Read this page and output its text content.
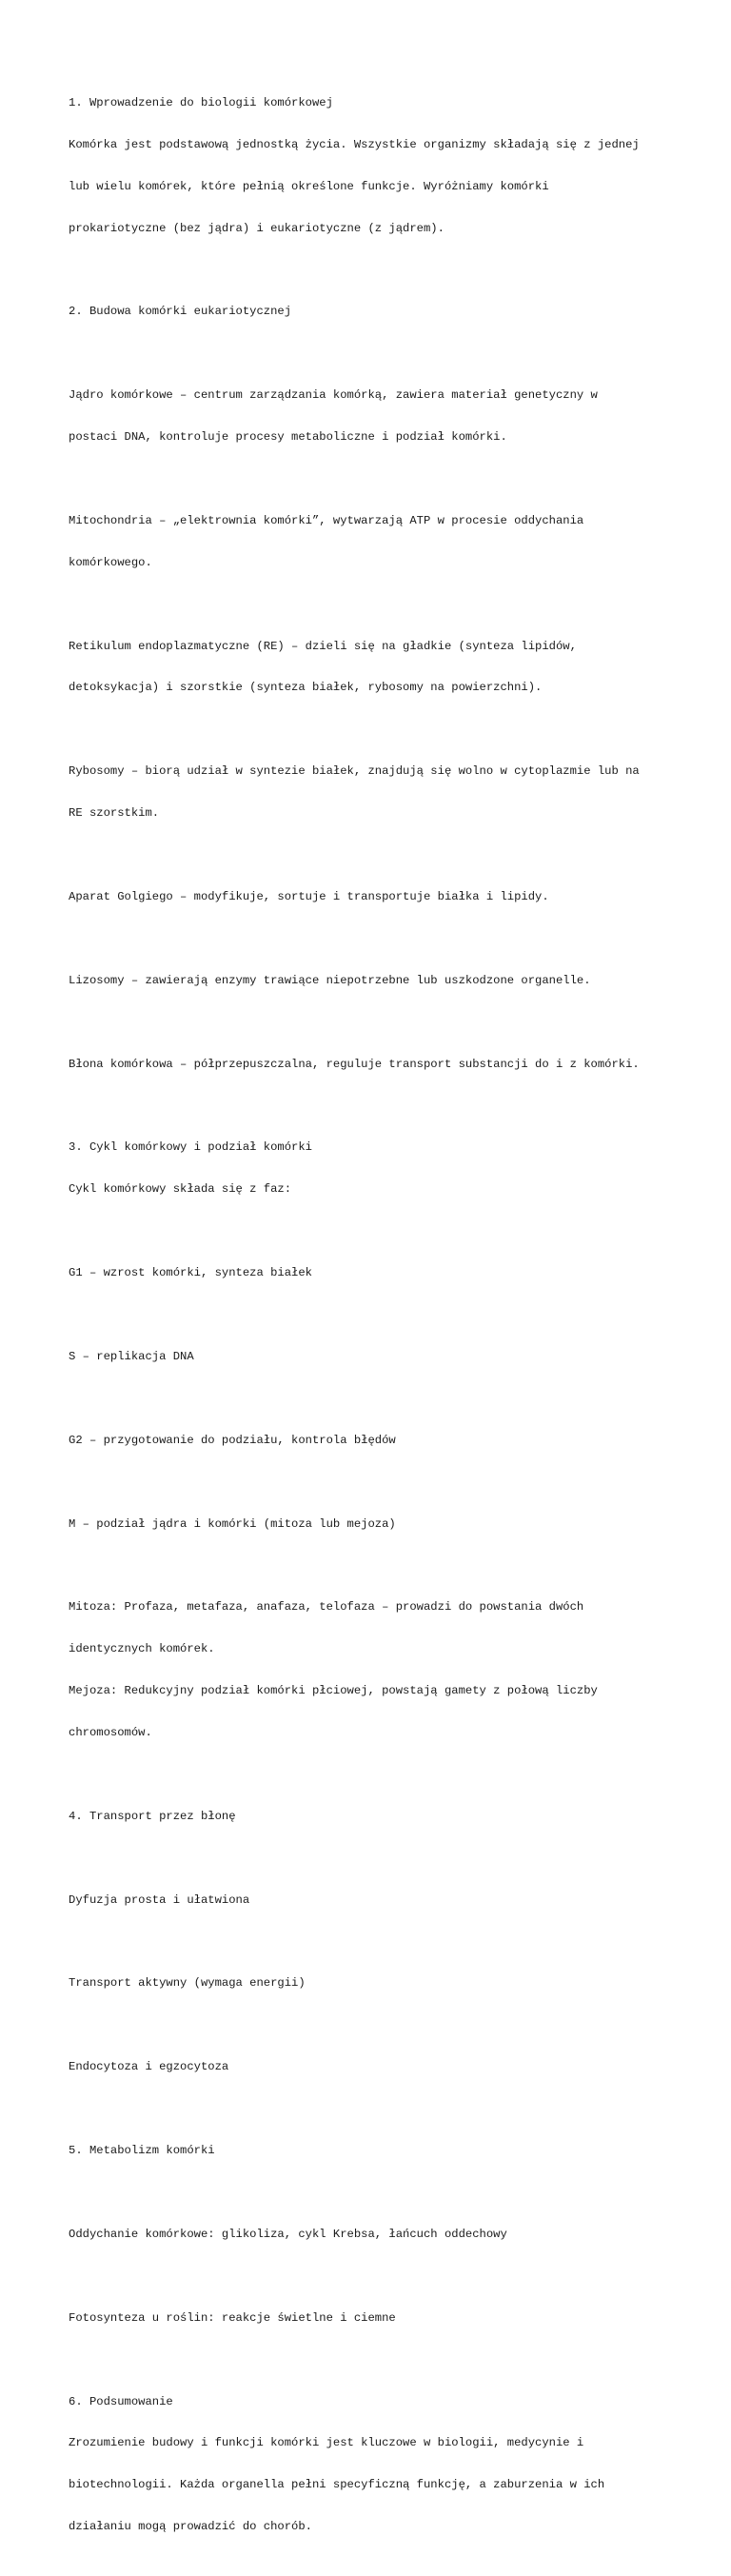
1. Wprowadzenie do biologii komórkowej

Komórka jest podstawową jednostką życia. Wszystkie organizmy składają się z jednej

lub wielu komórek, które pełnią określone funkcje. Wyróżniamy komórki

prokariotyczne (bez jądra) i eukariotyczne (z jądrem).

2. Budowa komórki eukariotycznej

Jądro komórkowe – centrum zarządzania komórką, zawiera materiał genetyczny w

postaci DNA, kontroluje procesy metaboliczne i podział komórki.

Mitochondria – „elektrownia komórki”, wytwarzają ATP w procesie oddychania

komórkowego.

Retikulum endoplazmatyczne (RE) – dzieli się na gładkie (synteza lipidów,

detoksykacja) i szorstkie (synteza białek, rybosomy na powierzchni).

Rybosomy – biorą udział w syntezie białek, znajdują się wolno w cytoplazmie lub na

RE szorstkim.

Aparat Golgiego – modyfikuje, sortuje i transportuje białka i lipidy.

Lizosomy – zawierają enzymy trawiące niepotrzebne lub uszkodzone organelle.

Błona komórkowa – półprzepuszczalna, reguluje transport substancji do i z komórki.

3. Cykl komórkowy i podział komórki

Cykl komórkowy składa się z faz:

G1 – wzrost komórki, synteza białek

S – replikacja DNA

G2 – przygotowanie do podziału, kontrola błędów

M – podział jądra i komórki (mitoza lub mejoza)

Mitoza: Profaza, metafaza, anafaza, telofaza – prowadzi do powstania dwóch

identycznych komórek.

Mejoza: Redukcyjny podział komórki płciowej, powstają gamety z połową liczby

chromosomów.

4. Transport przez błonę

Dyfuzja prosta i ułatwiona

Transport aktywny (wymaga energii)

Endocytoza i egzocytoza

5. Metabolizm komórki

Oddychanie komórkowe: glikoliza, cykl Krebsa, łańcuch oddechowy

Fotosynteza u roślin: reakcje świetlne i ciemne

6. Podsumowanie

Zrozumienie budowy i funkcji komórki jest kluczowe w biologii, medycynie i

biotechnologii. Każda organella pełni specyficzną funkcję, a zaburzenia w ich

działaniu mogą prowadzić do chorób.
